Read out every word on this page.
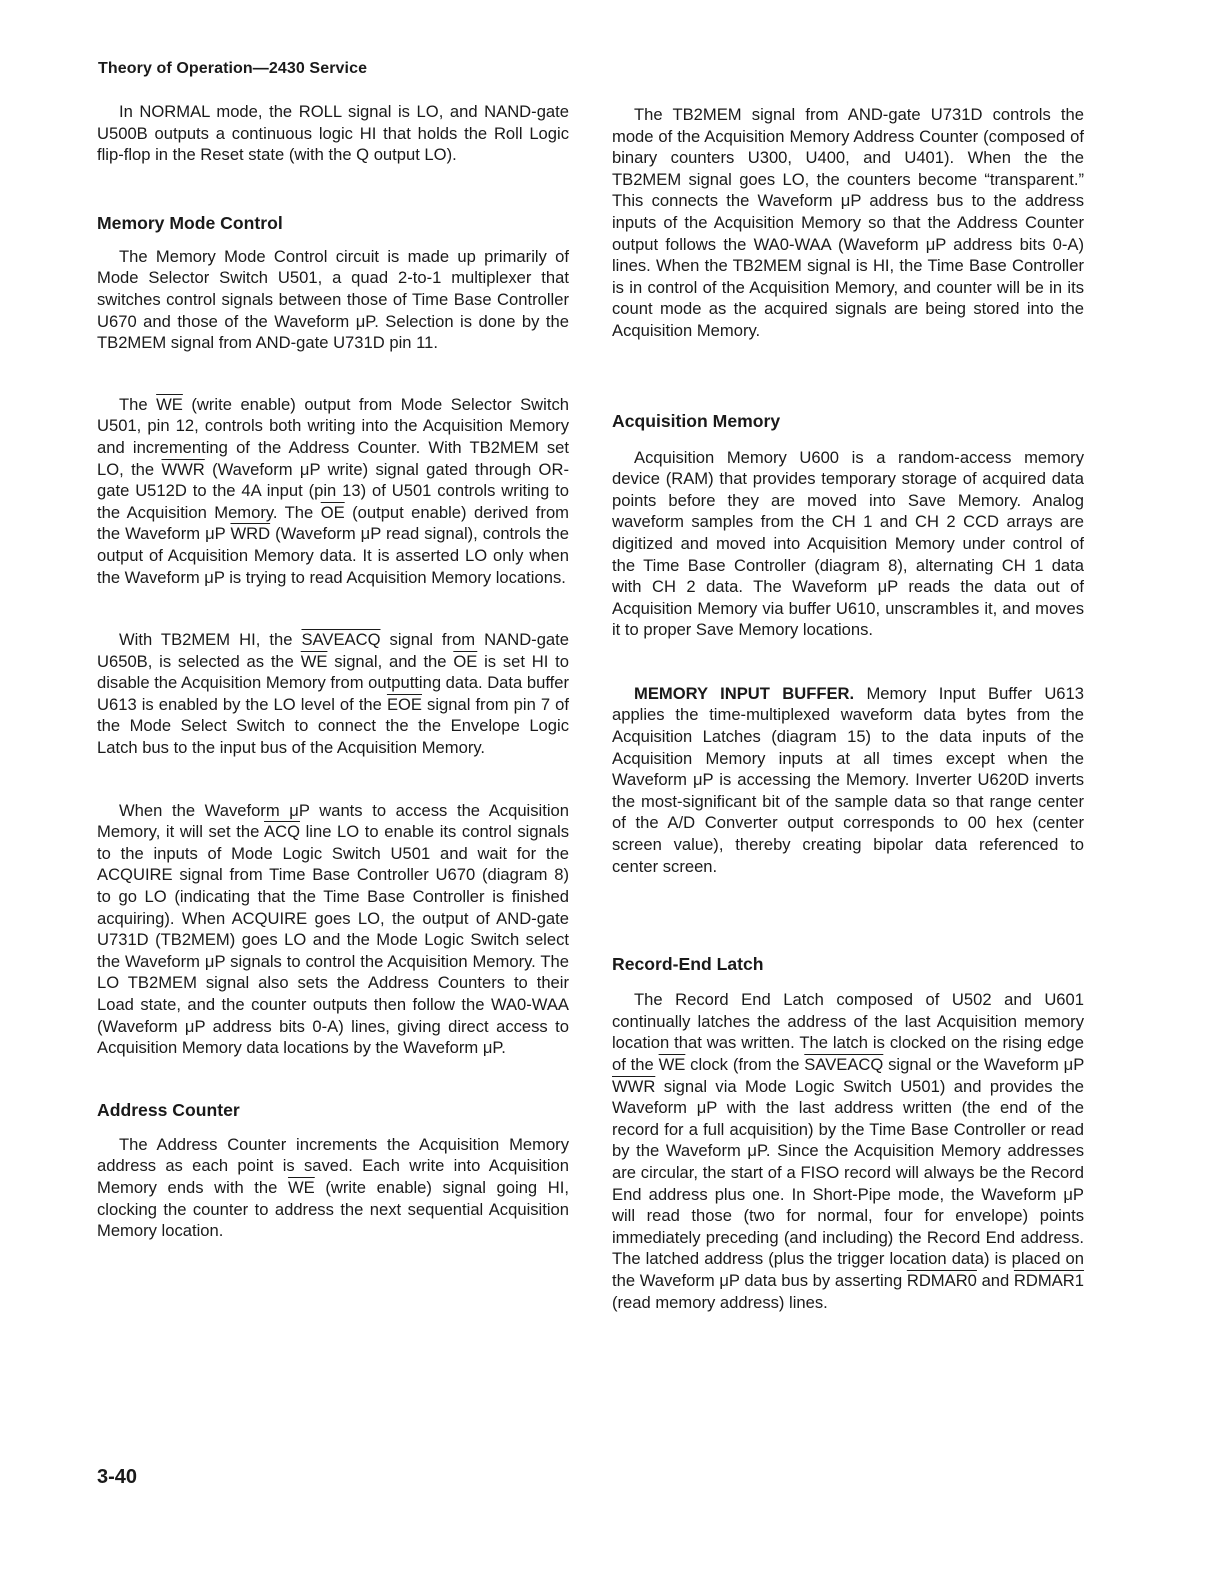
Theory of Operation—2430 Service

In NORMAL mode, the ROLL signal is LO, and NAND-gate U500B outputs a continuous logic HI that holds the Roll Logic flip-flop in the Reset state (with the Q output LO).

Memory Mode Control

The Memory Mode Control circuit is made up primarily of Mode Selector Switch U501, a quad 2-to-1 multiplexer that switches control signals between those of Time Base Controller U670 and those of the Waveform μP. Selection is done by the TB2MEM signal from AND-gate U731D pin 11.

The $\overline{WE}$ (write enable) output from Mode Selector Switch U501, pin 12, controls both writing into the Acquisition Memory and incrementing of the Address Counter. With TB2MEM set LO, the $\overline{WWR}$ (Waveform μP write) signal gated through OR-gate U512D to the 4A input (pin 13) of U501 controls writing to the Acquisition Memory. The $\overline{OE}$ (output enable) derived from the Waveform μP $\overline{WRD}$ (Waveform μP read signal), controls the output of Acquisition Memory data. It is asserted LO only when the Waveform μP is trying to read Acquisition Memory locations.

With TB2MEM HI, the SAVEACQ signal from NAND-gate U650B, is selected as the $\overline{WE}$ signal, and the $\overline{OE}$ is set HI to disable the Acquisition Memory from outputting data. Data buffer U613 is enabled by the LO level of the $\overline{EOE}$ signal from pin 7 of the Mode Select Switch to connect the the Envelope Logic Latch bus to the input bus of the Acquisition Memory.

When the Waveform μP wants to access the Acquisition Memory, it will set the $\overline{ACQ}$ line LO to enable its control signals to the inputs of Mode Logic Switch U501 and wait for the ACQUIRE signal from Time Base Controller U670 (diagram 8) to go LO (indicating that the Time Base Controller is finished acquiring). When ACQUIRE goes LO, the output of AND-gate U731D (TB2MEM) goes LO and the Mode Logic Switch select the Waveform μP signals to control the Acquisition Memory. The LO TB2MEM signal also sets the Address Counters to their Load state, and the counter outputs then follow the WA0-WAA (Waveform μP address bits 0-A) lines, giving direct access to Acquisition Memory data locations by the Waveform μP.

Address Counter

The Address Counter increments the Acquisition Memory address as each point is saved. Each write into Acquisition Memory ends with the $\overline{WE}$ (write enable) signal going HI, clocking the counter to address the next sequential Acquisition Memory location.

The TB2MEM signal from AND-gate U731D controls the mode of the Acquisition Memory Address Counter (composed of binary counters U300, U400, and U401). When the the TB2MEM signal goes LO, the counters become “transparent.” This connects the Waveform μP address bus to the address inputs of the Acquisition Memory so that the Address Counter output follows the WA0-WAA (Waveform μP address bits 0-A) lines. When the TB2MEM signal is HI, the Time Base Controller is in control of the Acquisition Memory, and counter will be in its count mode as the acquired signals are being stored into the Acquisition Memory.

Acquisition Memory

Acquisition Memory U600 is a random-access memory device (RAM) that provides temporary storage of acquired data points before they are moved into Save Memory. Analog waveform samples from the CH 1 and CH 2 CCD arrays are digitized and moved into Acquisition Memory under control of the Time Base Controller (diagram 8), alternating CH 1 data with CH 2 data. The Waveform μP reads the data out of Acquisition Memory via buffer U610, unscrambles it, and moves it to proper Save Memory locations.

MEMORY INPUT BUFFER. Memory Input Buffer U613 applies the time-multiplexed waveform data bytes from the Acquisition Latches (diagram 15) to the data inputs of the Acquisition Memory inputs at all times except when the Waveform μP is accessing the Memory. Inverter U620D inverts the most-significant bit of the sample data so that range center of the A/D Converter output corresponds to 00 hex (center screen value), thereby creating bipolar data referenced to center screen.

Record-End Latch

The Record End Latch composed of U502 and U601 continually latches the address of the last Acquisition memory location that was written. The latch is clocked on the rising edge of the $\overline{WE}$ clock (from the SAVEACQ signal or the Waveform μP $\overline{WWR}$ signal via Mode Logic Switch U501) and provides the Waveform μP with the last address written (the end of the record for a full acquisition) by the Time Base Controller or read by the Waveform μP. Since the Acquisition Memory addresses are circular, the start of a FISO record will always be the Record End address plus one. In Short-Pipe mode, the Waveform μP will read those (two for normal, four for envelope) points immediately preceding (and including) the Record End address. The latched address (plus the trigger location data) is placed on the Waveform μP data bus by asserting RDMAR0 and RDMAR1 (read memory address) lines.

3-40
